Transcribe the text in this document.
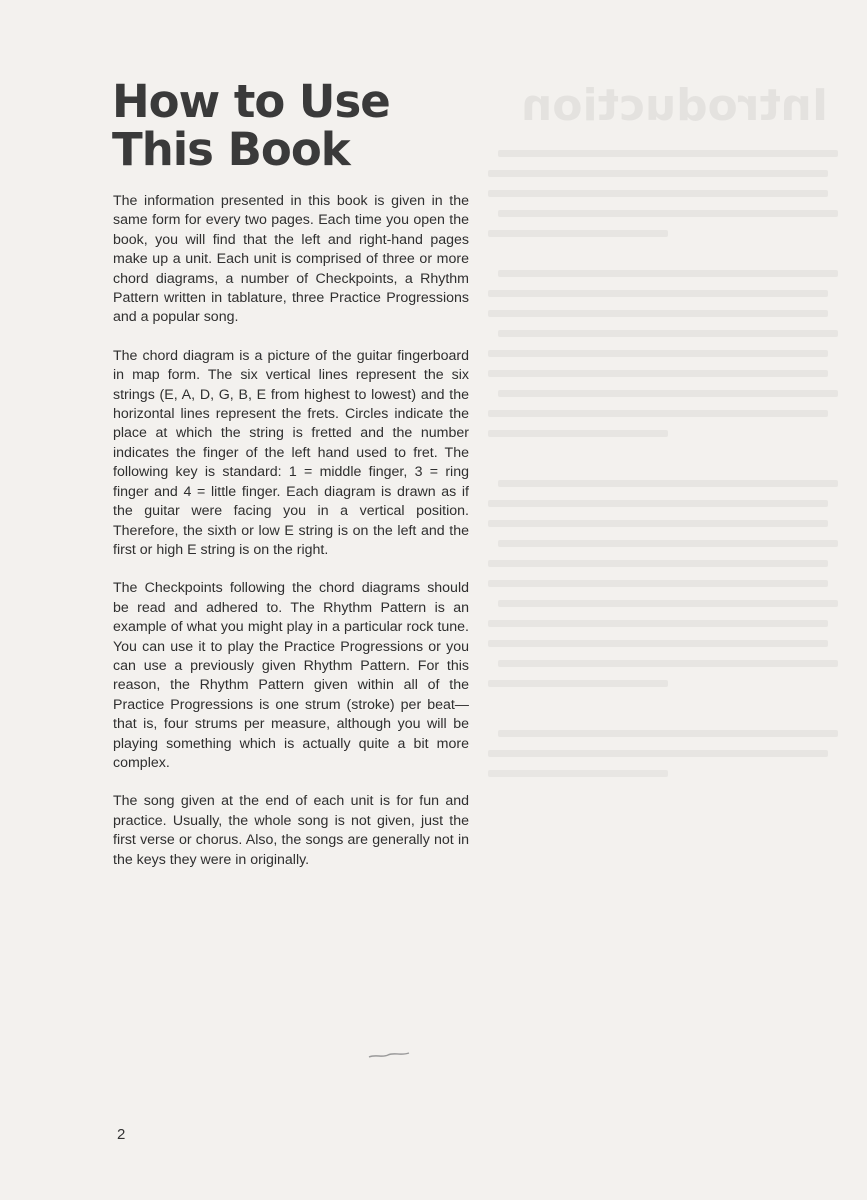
Introduction
How to Use
This Book

The information presented in this book is given in the same form for every two pages. Each time you open the book, you will find that the left and right-hand pages make up a unit. Each unit is comprised of three or more chord diagrams, a number of Checkpoints, a Rhythm Pattern written in tablature, three Practice Progressions and a popular song.

The chord diagram is a picture of the guitar fingerboard in map form. The six vertical lines represent the six strings (E, A, D, G, B, E from highest to lowest) and the horizontal lines represent the frets. Circles indicate the place at which the string is fretted and the number indicates the finger of the left hand used to fret. The following key is standard: 1 = middle finger, 3 = ring finger and 4 = little finger. Each diagram is drawn as if the guitar were facing you in a vertical position. Therefore, the sixth or low E string is on the left and the first or high E string is on the right.

The Checkpoints following the chord diagrams should be read and adhered to. The Rhythm Pattern is an example of what you might play in a particular rock tune. You can use it to play the Practice Progressions or you can use a previously given Rhythm Pattern. For this reason, the Rhythm Pattern given within all of the Practice Progressions is one strum (stroke) per beat—that is, four strums per measure, although you will be playing something which is actually quite a bit more complex.

The song given at the end of each unit is for fun and practice. Usually, the whole song is not given, just the first verse or chorus. Also, the songs are generally not in the keys they were in originally.

2
